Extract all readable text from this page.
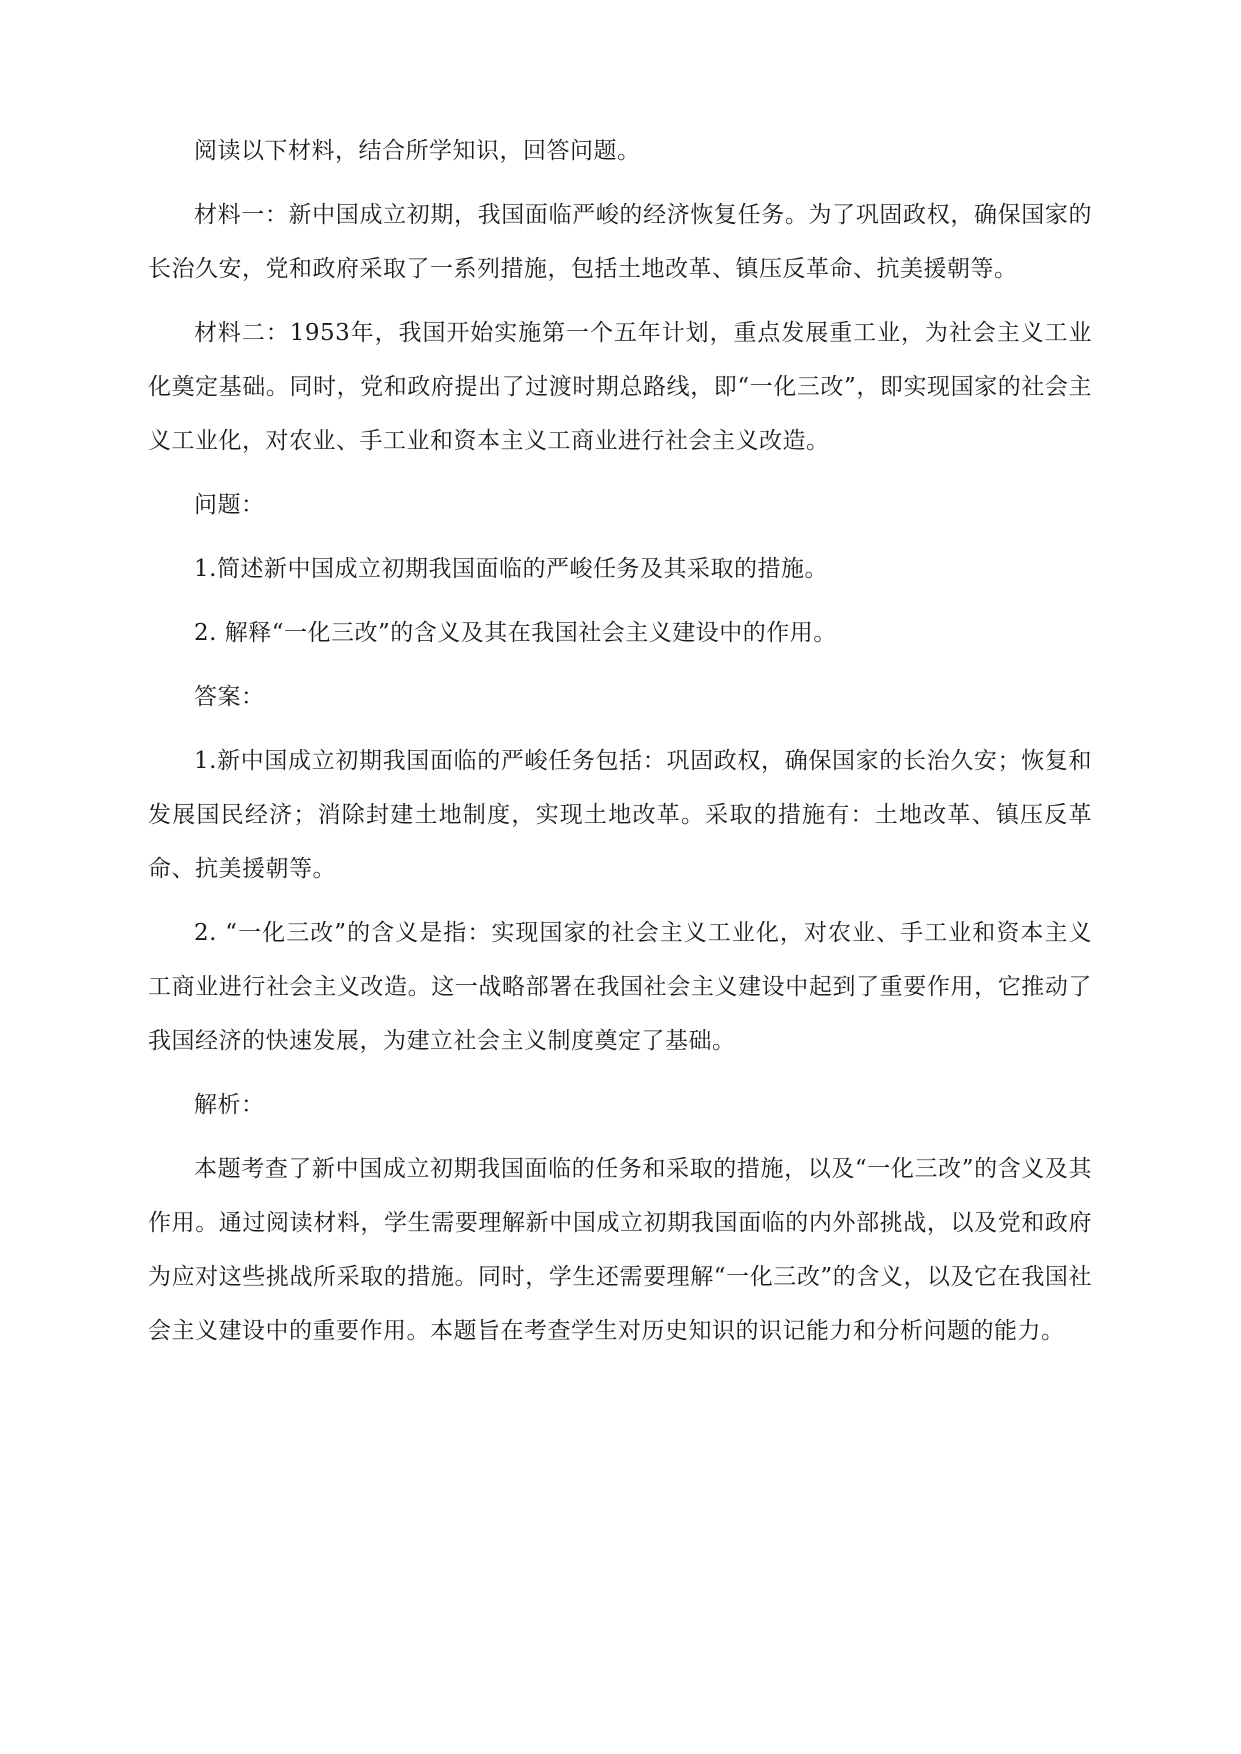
阅读以下材料，结合所学知识，回答问题。

材料一：新中国成立初期，我国面临严峻的经济恢复任务。为了巩固政权，确保国家的长治久安，党和政府采取了一系列措施，包括土地改革、镇压反革命、抗美援朝等。

材料二：1953年，我国开始实施第一个五年计划，重点发展重工业，为社会主义工业化奠定基础。同时，党和政府提出了过渡时期总路线，即“一化三改”，即实现国家的社会主义工业化，对农业、手工业和资本主义工商业进行社会主义改造。

问题：

1.简述新中国成立初期我国面临的严峻任务及其采取的措施。

2. 解释“一化三改”的含义及其在我国社会主义建设中的作用。

答案：

1.新中国成立初期我国面临的严峻任务包括：巩固政权，确保国家的长治久安；恢复和发展国民经济；消除封建土地制度，实现土地改革。采取的措施有：土地改革、镇压反革命、抗美援朝等。

2. “一化三改”的含义是指：实现国家的社会主义工业化，对农业、手工业和资本主义工商业进行社会主义改造。这一战略部署在我国社会主义建设中起到了重要作用，它推动了我国经济的快速发展，为建立社会主义制度奠定了基础。

解析：

本题考查了新中国成立初期我国面临的任务和采取的措施，以及“一化三改”的含义及其作用。通过阅读材料，学生需要理解新中国成立初期我国面临的内外部挑战，以及党和政府为应对这些挑战所采取的措施。同时，学生还需要理解“一化三改”的含义，以及它在我国社会主义建设中的重要作用。本题旨在考查学生对历史知识的识记能力和分析问题的能力。
